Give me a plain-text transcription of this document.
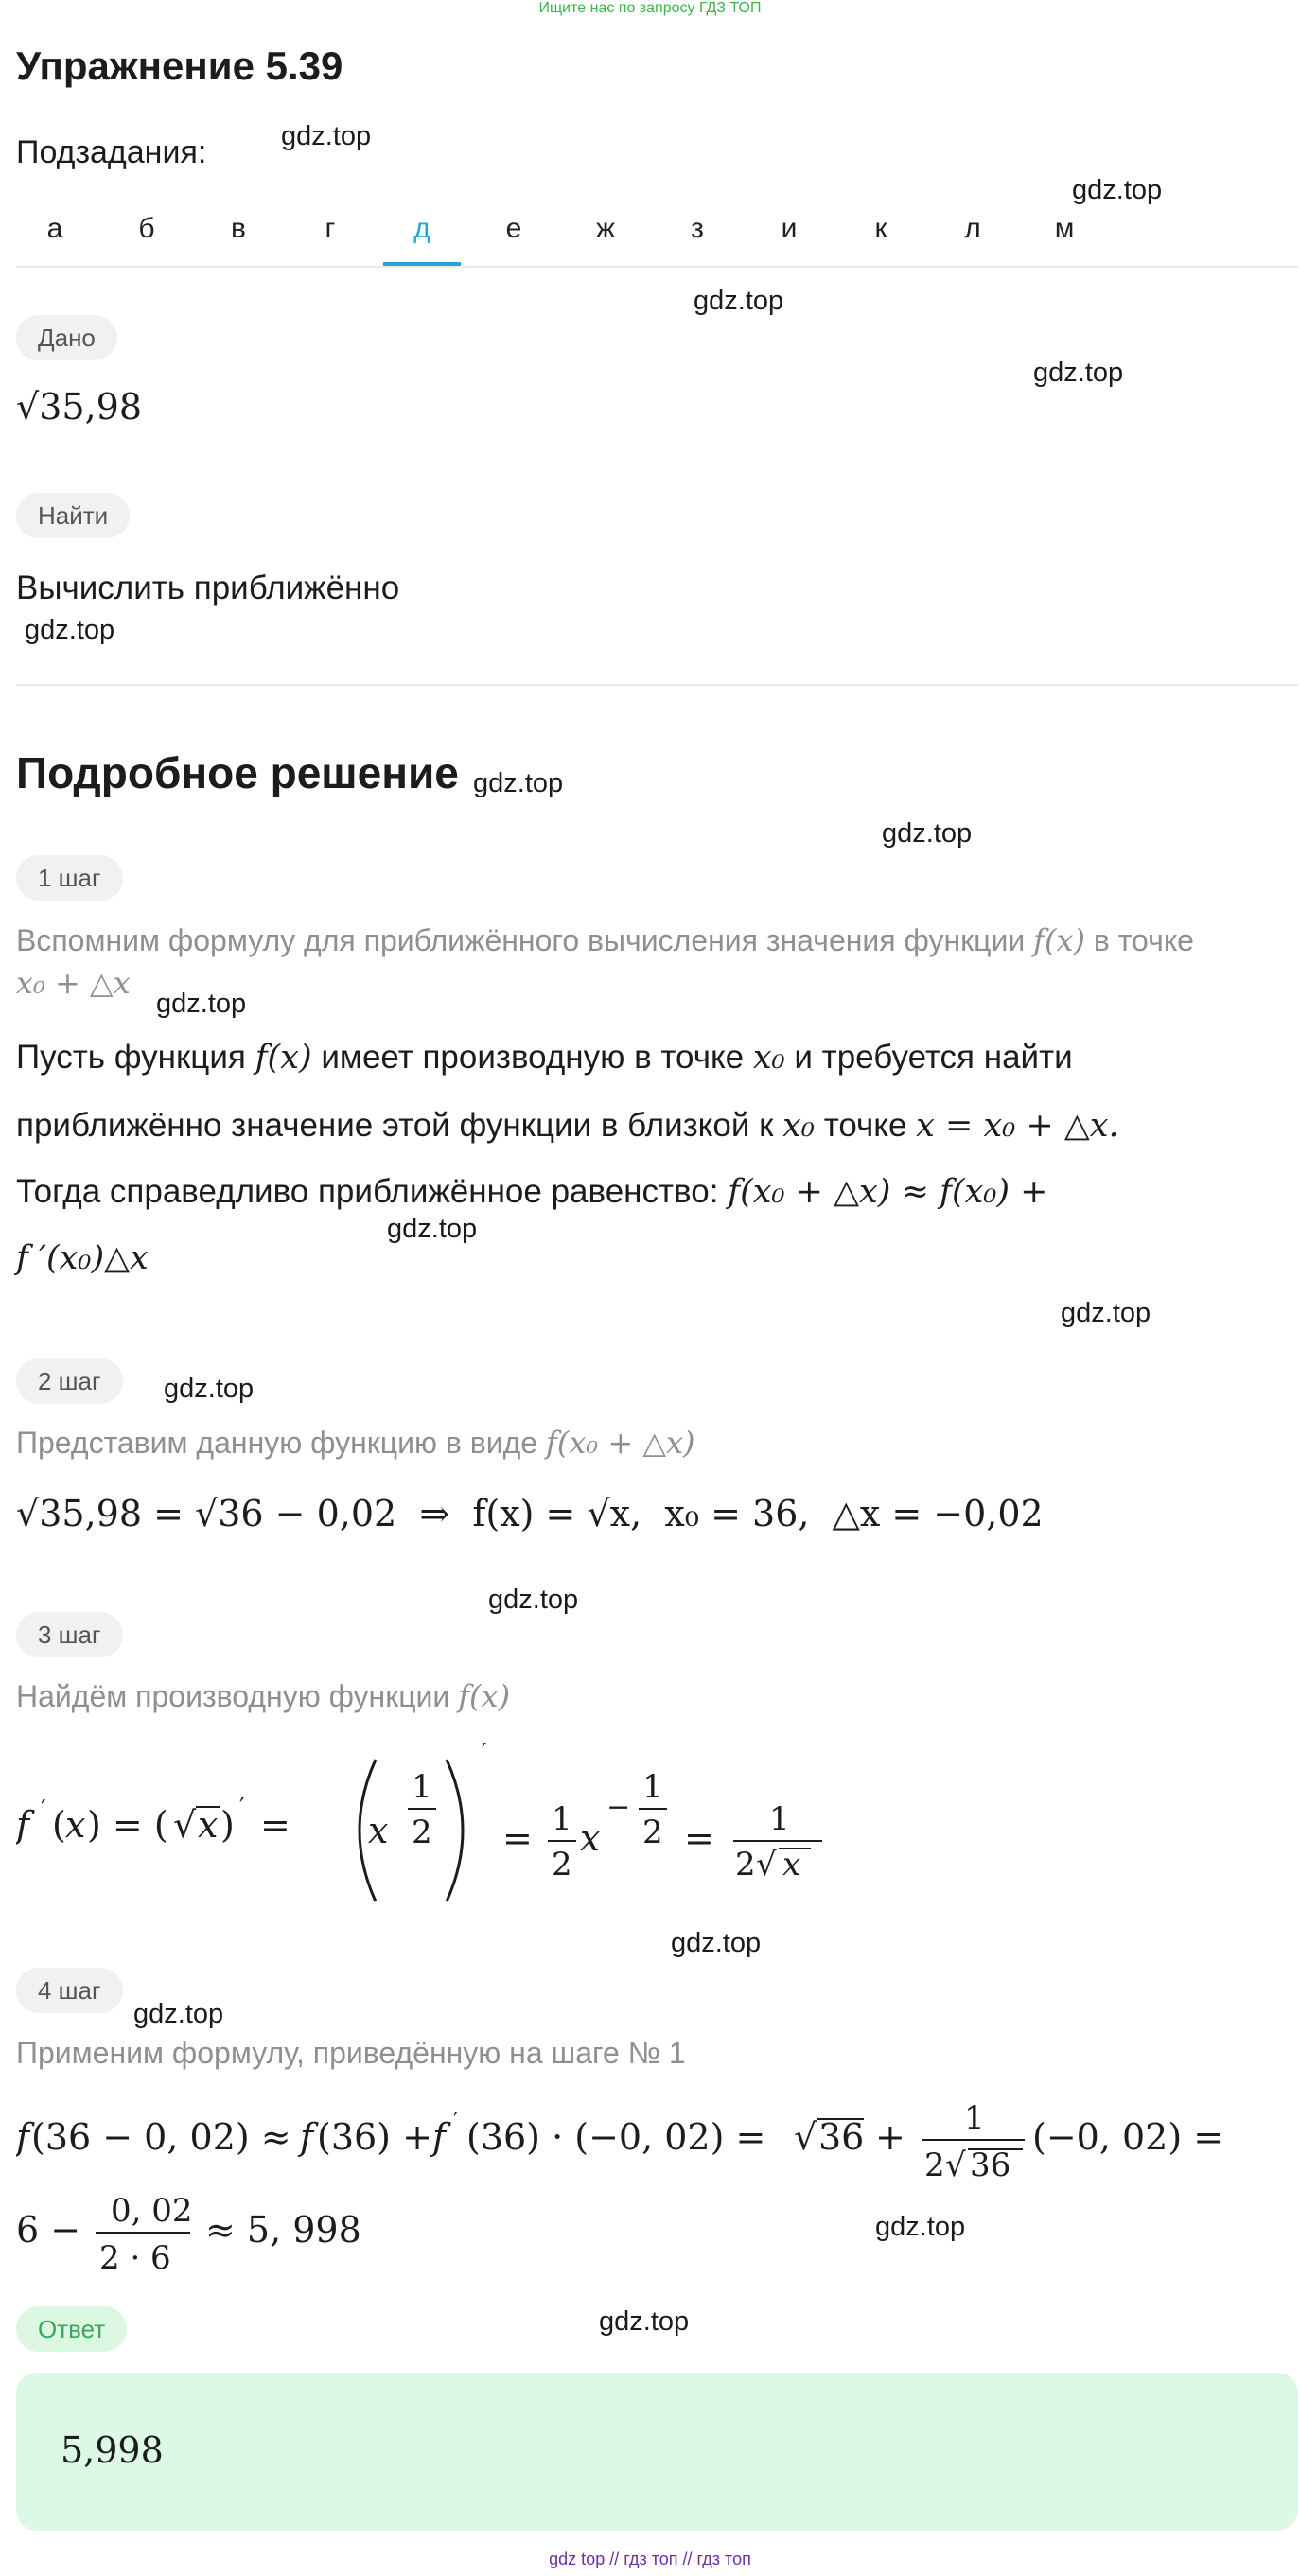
Ищите нас по запросу ГДЗ ТОП
Упражнение 5.39
Подзадания:	gdz.top
gdz.top
gdz.top
gdz.top
gdz.top
gdz.top
gdz.top
gdz.top
gdz.top
gdz.top
gdz.top
gdz.top
gdz.top
gdz.top
gdz.top
gdz.top
а	б	в	г	д	е	ж	з	и	к	л	м
Дано
√35,98
Найти
Вычислить приближённо
Подробное решение
1 шаг
Вспомним формулу для приближённого вычисления значения функции f(x) в точке
x₀ + △x
Пусть функция f(x) имеет производную в точке x₀ и требуется найти
приближённо значение этой функции в близкой к x₀ точке x = x₀ + △x.
Тогда справедливо приближённое равенство: f(x₀ + △x) ≈ f(x₀) +
f ′(x₀)△x
2 шаг
Представим данную функцию в виде f(x₀ + △x)
√35,98 = √36 − 0,02  ⇒  f(x) = √x,  x₀ = 36,  △x = −0,02
3 шаг
Найдём производную функции f(x)
f ′ ( x ) = ( √ x ) ′ = x
1
2
′
= 1
2
x
−
1
2 = 1
2 √ x
4 шаг
Применим формулу, приведённую на шаге № 1
f (36 − 0, 02) ≈ f (36) + f ′ (36) · (−0, 02) = √ 36 + 1
2 √ 36
(−0, 02) =
6 − 0, 02
2 · 6
≈ 5, 998
Ответ
5,998
gdz top // гдз топ // гдз топ
